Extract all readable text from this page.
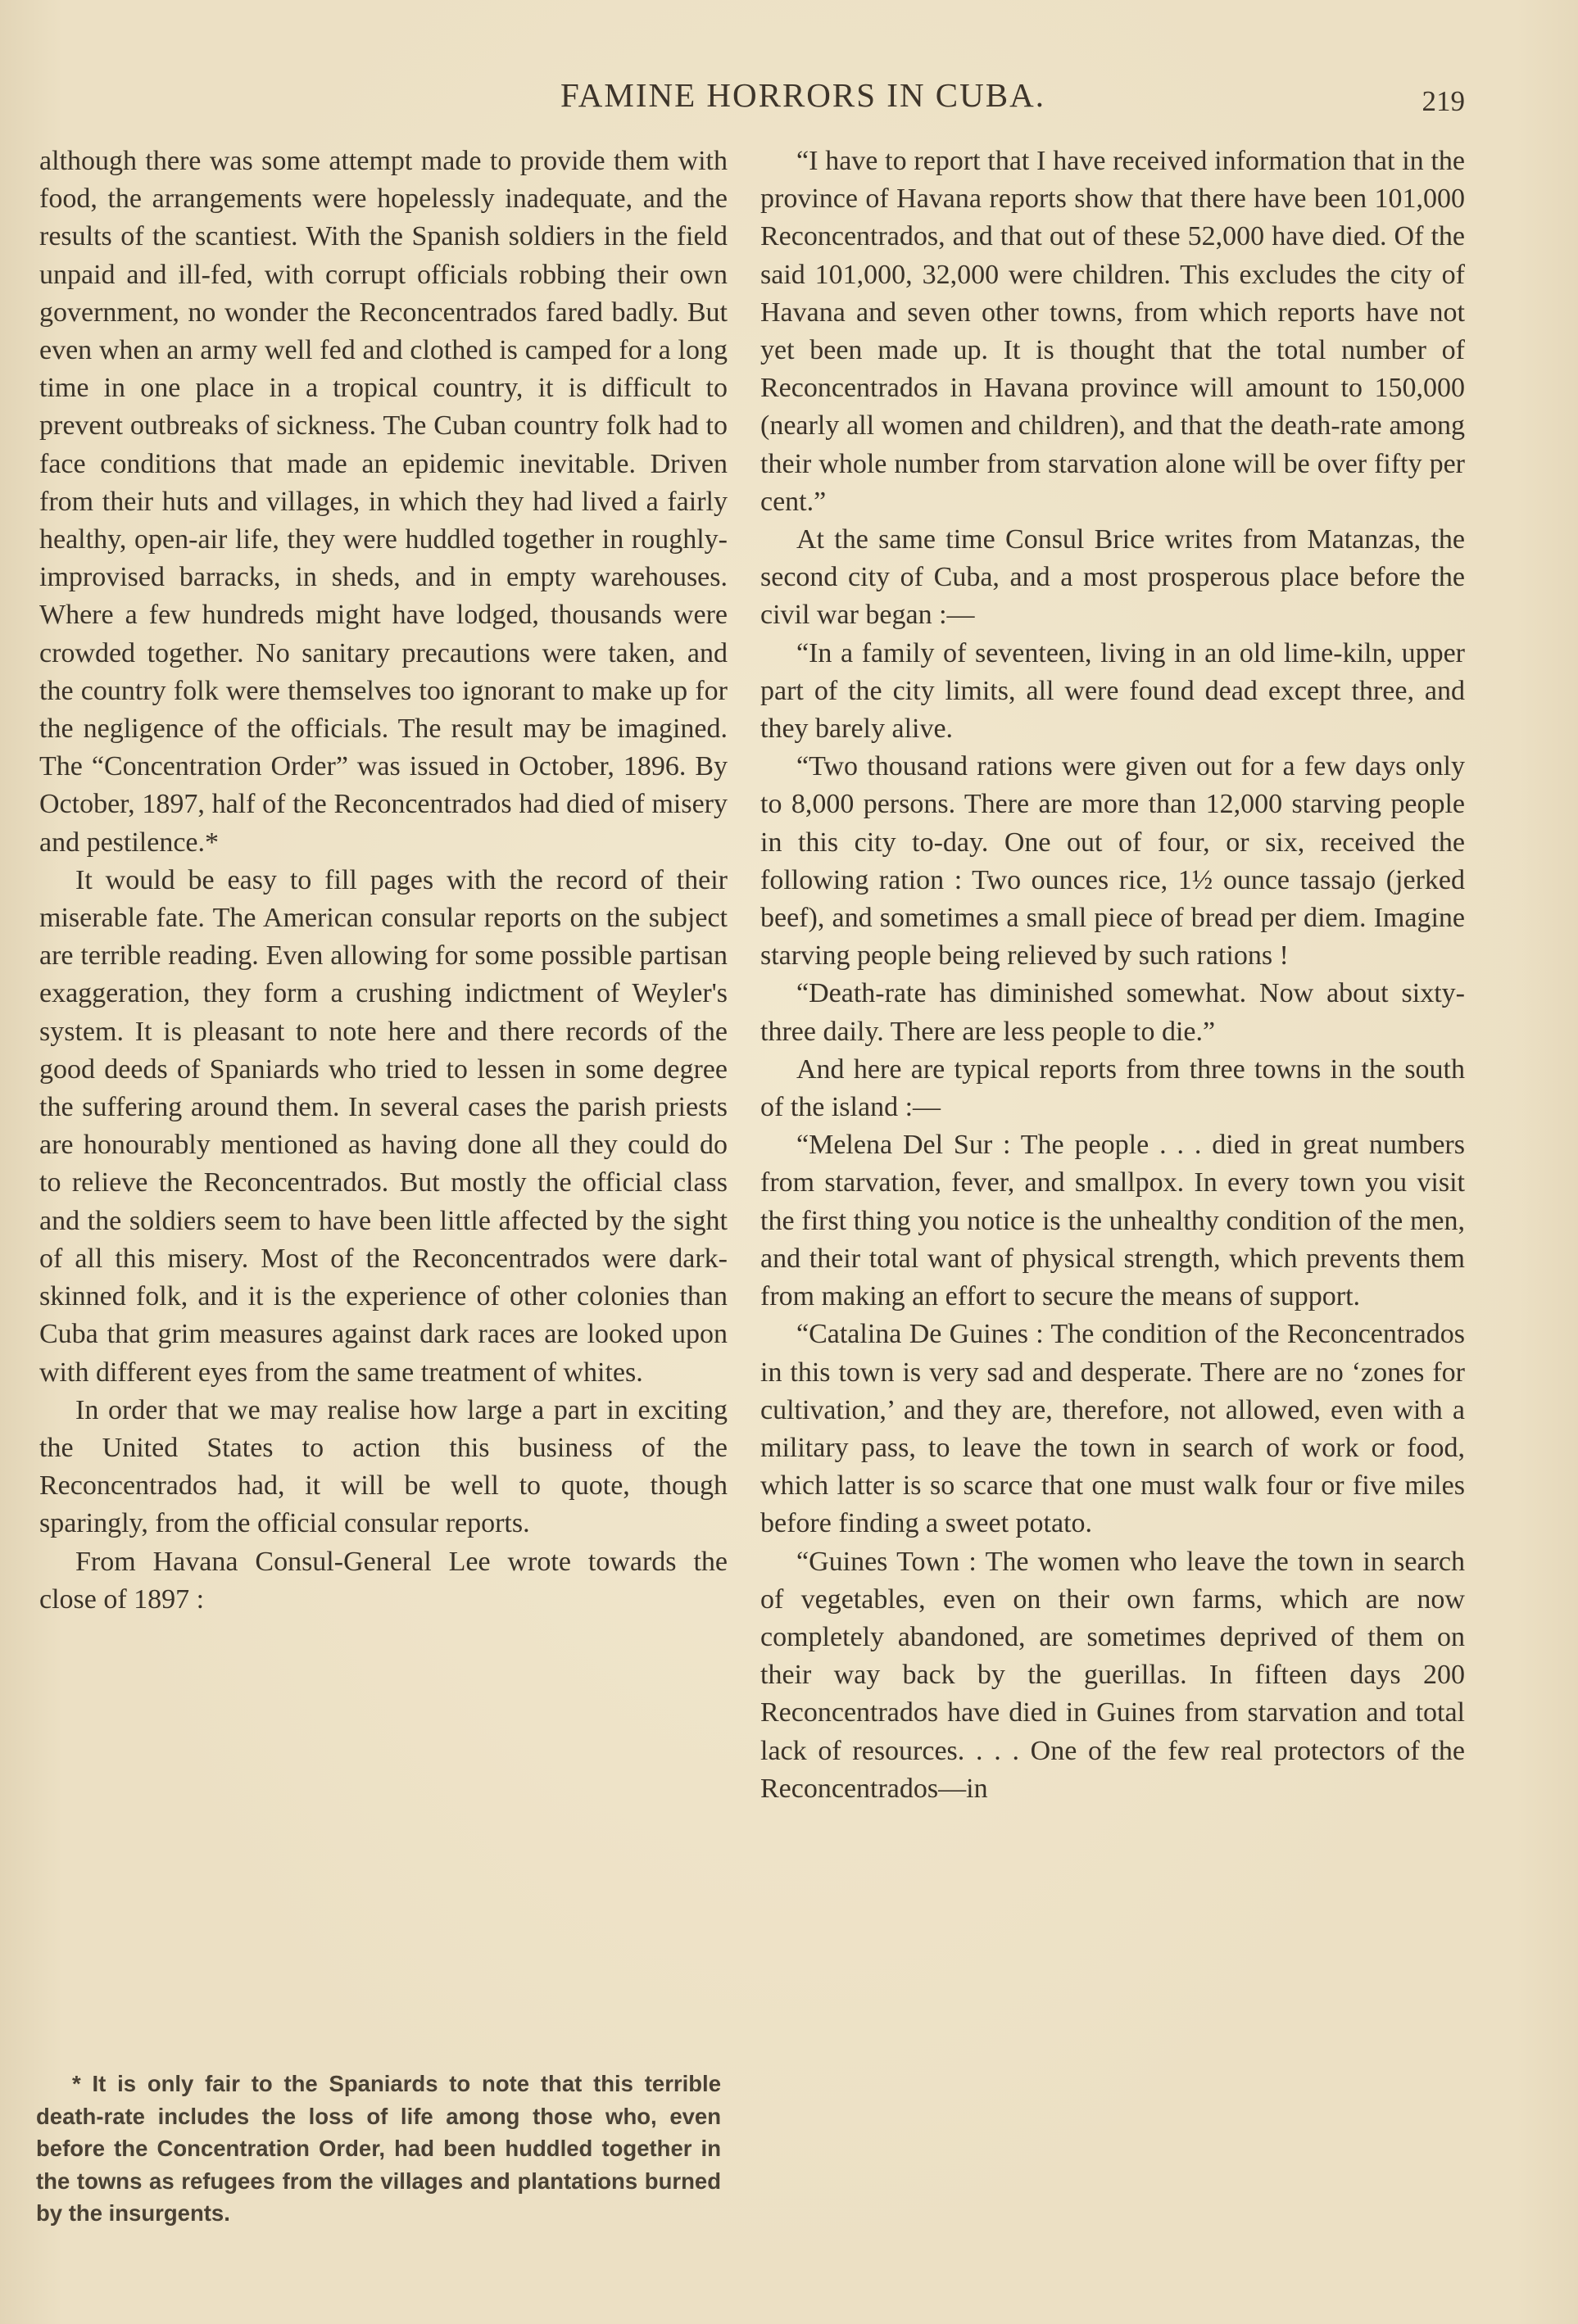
FAMINE HORRORS IN CUBA.	219

although there was some attempt made to provide them with food, the arrangements were hopelessly inadequate, and the results of the scantiest. With the Spanish soldiers in the field unpaid and ill-fed, with corrupt officials robbing their own government, no wonder the Reconcentrados fared badly. But even when an army well fed and clothed is camped for a long time in one place in a tropical country, it is difficult to prevent outbreaks of sickness. The Cuban country folk had to face conditions that made an epidemic inevitable. Driven from their huts and villages, in which they had lived a fairly healthy, open-air life, they were huddled together in roughly-improvised barracks, in sheds, and in empty warehouses. Where a few hundreds might have lodged, thousands were crowded together. No sanitary precautions were taken, and the country folk were themselves too ignorant to make up for the negligence of the officials. The result may be imagined. The “Concentration Order” was issued in October, 1896. By October, 1897, half of the Reconcentrados had died of misery and pestilence.*

It would be easy to fill pages with the record of their miserable fate. The American consular reports on the subject are terrible reading. Even allowing for some possible partisan exaggeration, they form a crushing indictment of Weyler's system. It is pleasant to note here and there records of the good deeds of Spaniards who tried to lessen in some degree the suffering around them. In several cases the parish priests are honourably mentioned as having done all they could do to relieve the Reconcentrados. But mostly the official class and the soldiers seem to have been little affected by the sight of all this misery. Most of the Reconcentrados were dark-skinned folk, and it is the experience of other colonies than Cuba that grim measures against dark races are looked upon with different eyes from the same treatment of whites.

In order that we may realise how large a part in exciting the United States to action this business of the Reconcentrados had, it will be well to quote, though sparingly, from the official consular reports.

From Havana Consul-General Lee wrote towards the close of 1897 :

* It is only fair to the Spaniards to note that this terrible death-rate includes the loss of life among those who, even before the Concentration Order, had been huddled together in the towns as refugees from the villages and plantations burned by the insurgents.

“I have to report that I have received information that in the province of Havana reports show that there have been 101,000 Reconcentrados, and that out of these 52,000 have died. Of the said 101,000, 32,000 were children. This excludes the city of Havana and seven other towns, from which reports have not yet been made up. It is thought that the total number of Reconcentrados in Havana province will amount to 150,000 (nearly all women and children), and that the death-rate among their whole number from starvation alone will be over fifty per cent.”

At the same time Consul Brice writes from Matanzas, the second city of Cuba, and a most prosperous place before the civil war began :—

“In a family of seventeen, living in an old lime-kiln, upper part of the city limits, all were found dead except three, and they barely alive.

“Two thousand rations were given out for a few days only to 8,000 persons. There are more than 12,000 starving people in this city to-day. One out of four, or six, received the following ration : Two ounces rice, 1½ ounce tassajo (jerked beef), and sometimes a small piece of bread per diem. Imagine starving people being relieved by such rations !

“Death-rate has diminished somewhat. Now about sixty-three daily. There are less people to die.”

And here are typical reports from three towns in the south of the island :—

“Melena Del Sur : The people . . . died in great numbers from starvation, fever, and smallpox. In every town you visit the first thing you notice is the unhealthy condition of the men, and their total want of physical strength, which prevents them from making an effort to secure the means of support.

“Catalina De Guines : The condition of the Reconcentrados in this town is very sad and desperate. There are no ‘zones for cultivation,’ and they are, therefore, not allowed, even with a military pass, to leave the town in search of work or food, which latter is so scarce that one must walk four or five miles before finding a sweet potato.

“Guines Town : The women who leave the town in search of vegetables, even on their own farms, which are now completely abandoned, are sometimes deprived of them on their way back by the guerillas. In fifteen days 200 Reconcentrados have died in Guines from starvation and total lack of resources. . . . One of the few real protectors of the Reconcentrados—in
